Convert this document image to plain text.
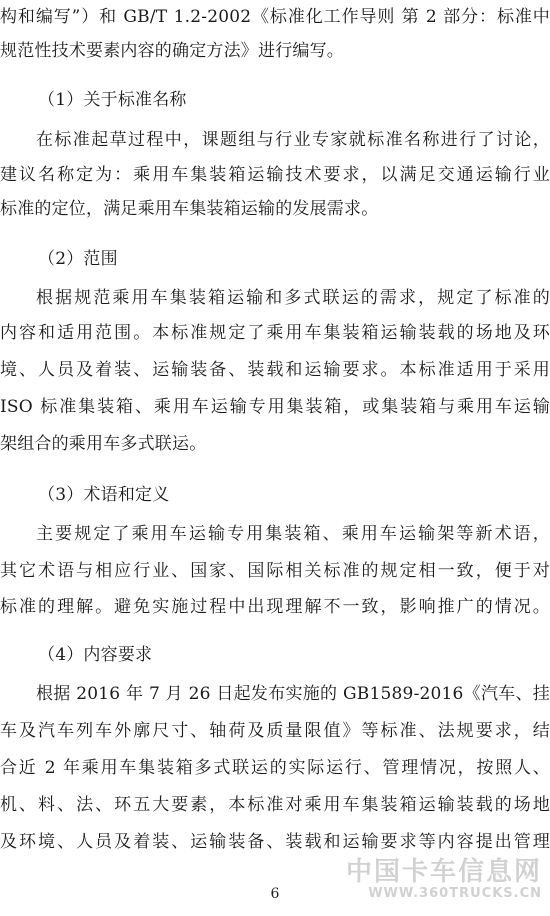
构和编写”）和 GB/T 1.2-2002《标准化工作导则 第 2 部分：标准中
规范性技术要素内容的确定方法》进行编写。
（1）关于标准名称
在标准起草过程中，课题组与行业专家就标准名称进行了讨论，
建议名称定为：乘用车集装箱运输技术要求，以满足交通运输行业
标准的定位，满足乘用车集装箱运输的发展需求。
（2）范围
根据规范乘用车集装箱运输和多式联运的需求，规定了标准的
内容和适用范围。本标准规定了乘用车集装箱运输装载的场地及环
境、人员及着装、运输装备、装载和运输要求。本标准适用于采用
ISO 标准集装箱、乘用车运输专用集装箱，或集装箱与乘用车运输
架组合的乘用车多式联运。
（3）术语和定义
主要规定了乘用车运输专用集装箱、乘用车运输架等新术语，
其它术语与相应行业、国家、国际相关标准的规定相一致，便于对
标准的理解。避免实施过程中出现理解不一致，影响推广的情况。
（4）内容要求
根据 2016 年 7 月 26 日起发布实施的 GB1589-2016《汽车、挂
车及汽车列车外廓尺寸、轴荷及质量限值》等标准、法规要求，结
合近 2 年乘用车集装箱多式联运的实际运行、管理情况，按照人、
机、料、法、环五大要素，本标准对乘用车集装箱运输装载的场地
及环境、人员及着装、运输装备、装载和运输要求等内容提出管理
中国卡车信息网
WWW.360TRUCKS.CN
6
